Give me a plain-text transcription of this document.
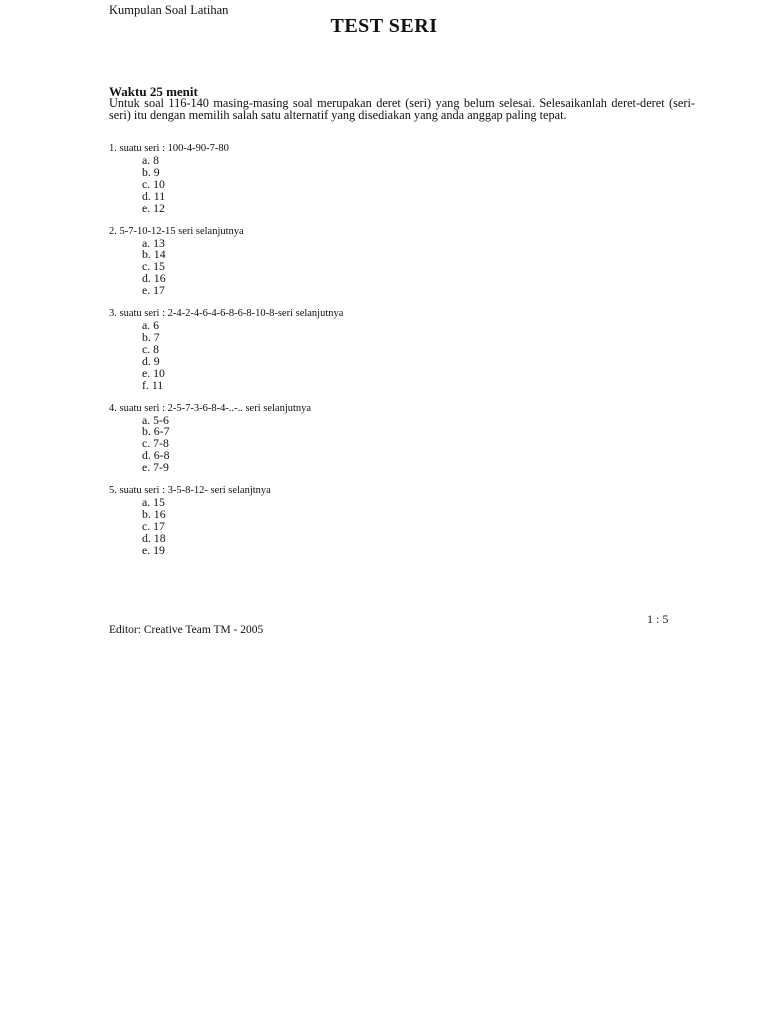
Kumpulan Soal Latihan
TEST SERI
Waktu 25 menit
Untuk soal 116-140 masing-masing soal merupakan deret (seri) yang belum selesai. Selesaikanlah deret-deret (seri-seri) itu dengan memilih salah satu alternatif yang disediakan yang anda anggap paling tepat.
1. suatu seri : 100-4-90-7-80
a. 8
b. 9
c. 10
d. 11
e. 12
2. 5-7-10-12-15 seri selanjutnya
a. 13
b. 14
c. 15
d. 16
e. 17
3. suatu seri : 2-4-2-4-6-4-6-8-6-8-10-8-seri selanjutnya
a. 6
b. 7
c. 8
d. 9
e. 10
f. 11
4. suatu seri : 2-5-7-3-6-8-4-..-.. seri selanjutnya
a. 5-6
b. 6-7
c. 7-8
d. 6-8
e. 7-9
5. suatu seri : 3-5-8-12- seri selanjtnya
a. 15
b. 16
c. 17
d. 18
e. 19
1 : 5
Editor: Creative Team TM - 2005
